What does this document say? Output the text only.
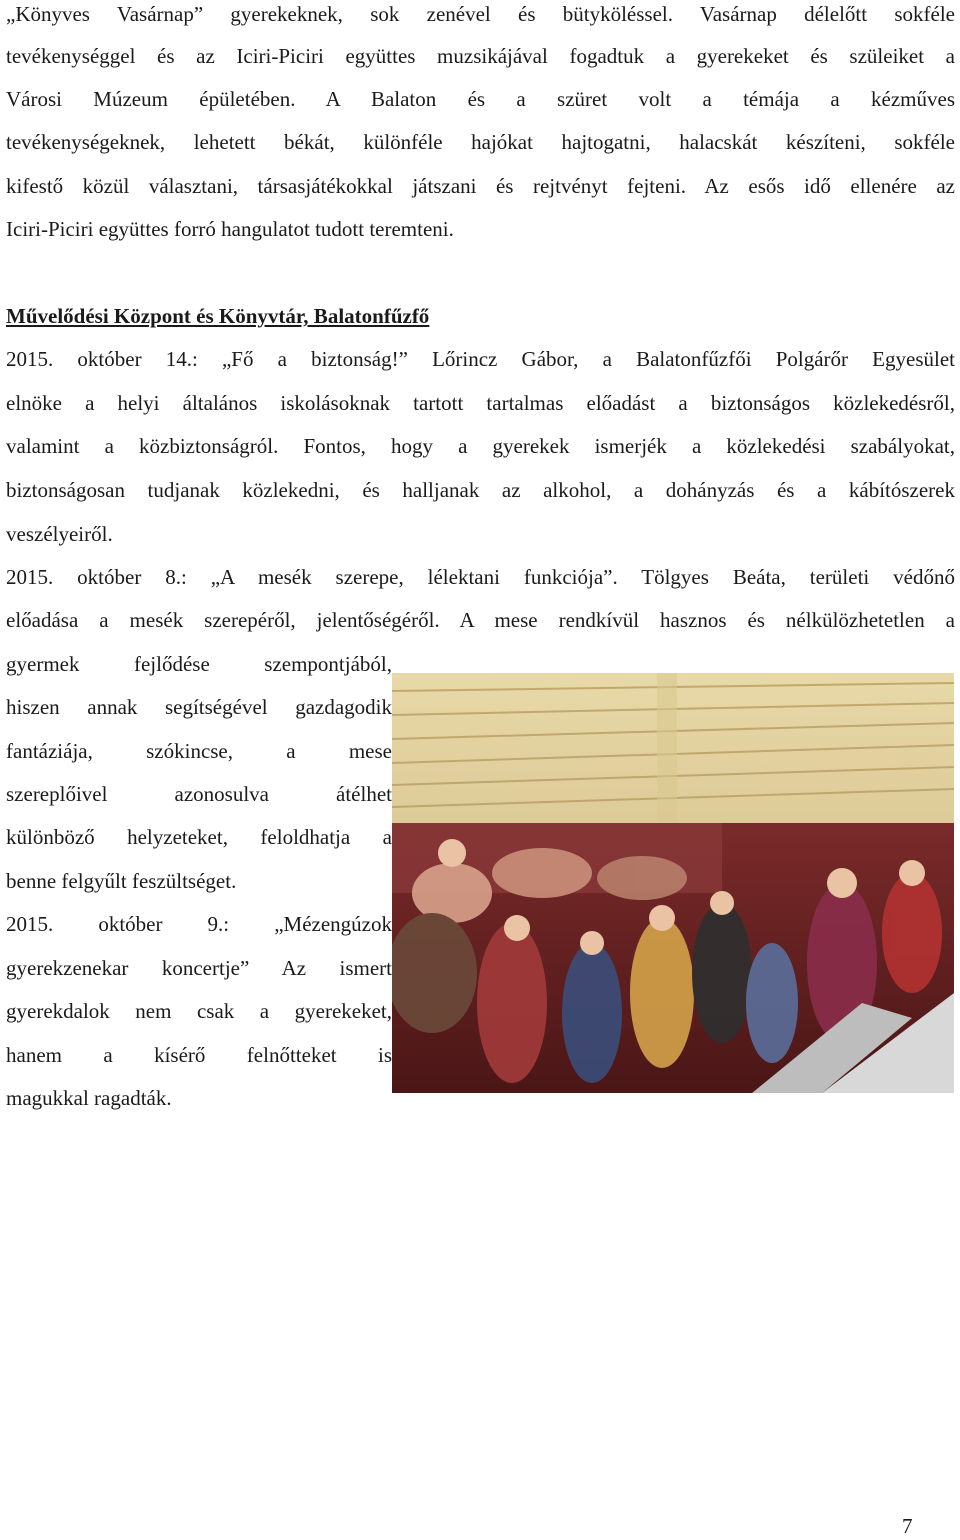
„Könyves Vasárnap” gyerekeknek, sok zenével és bütyköléssel. Vasárnap délelőtt sokféle
tevékenységgel és az Iciri-Piciri együttes muzsikájával fogadtuk a gyerekeket és szüleiket a
Városi Múzeum épületében. A Balaton és a szüret volt a témája a kézműves
tevékenységeknek, lehetett békát, különféle hajókat hajtogatni, halacskát készíteni, sokféle
kifestő közül választani, társasjátékokkal játszani és rejtvényt fejteni. Az esős idő ellenére az
Iciri-Piciri együttes forró hangulatot tudott teremteni.
Művelődési Központ és Könyvtár, Balatonfűzfő
2015. október 14.: „Fő a biztonság!” Lőrincz Gábor, a Balatonfűzfői Polgárőr Egyesület
elnöke a helyi általános iskolásoknak tartott tartalmas előadást a biztonságos közlekedésről,
valamint a közbiztonságról. Fontos, hogy a gyerekek ismerjék a közlekedési szabályokat,
biztonságosan tudjanak közlekedni, és halljanak az alkohol, a dohányzás és a kábítószerek
veszélyeiről.
2015. október 8.: „A mesék szerepe, lélektani funkciója”. Tölgyes Beáta, területi védőnő
előadása a mesék szerepéről, jelentőségéről. A mese rendkívül hasznos és nélkülözhetetlen a
gyermek fejlődése szempontjából,
hiszen annak segítségével gazdagodik
fantáziája, szókincse, a mese
szereplőivel azonosulva átélhet
különböző helyzeteket, feloldhatja a
benne felgyűlt feszültséget.
2015. október 9.: „Mézengúzok
gyerekzenekar koncertje” Az ismert
gyerekdalok nem csak a gyerekeket,
hanem a kísérő felnőtteket is
magukkal ragadták.
7
